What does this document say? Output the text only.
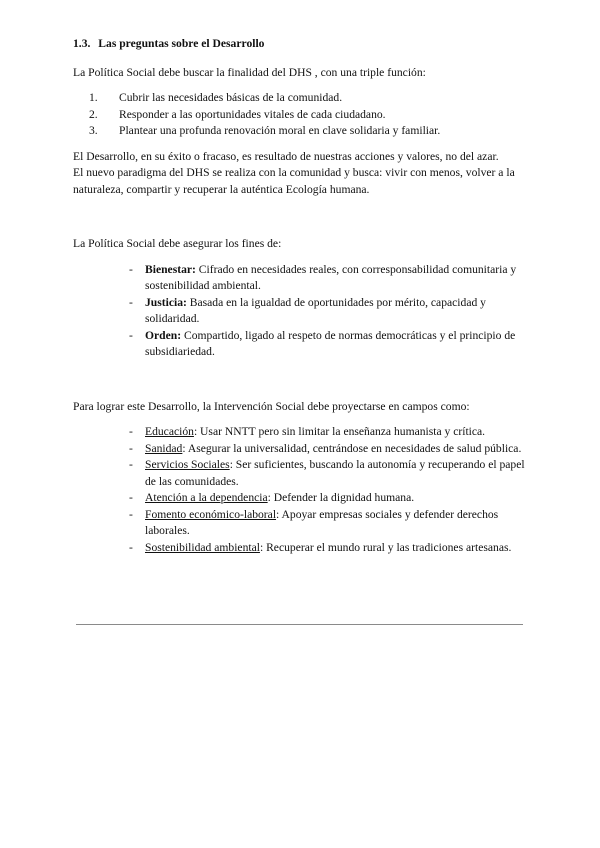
1.3. Las preguntas sobre el Desarrollo

La Política Social debe buscar la finalidad del DHS , con una triple función:

1. Cubrir las necesidades básicas de la comunidad.
2. Responder a las oportunidades vitales de cada ciudadano.
3. Plantear una profunda renovación moral en clave solidaria y familiar.

El Desarrollo, en su éxito o fracaso, es resultado de nuestras acciones y valores, no del azar.

El nuevo paradigma del DHS se realiza con la comunidad y busca: vivir con menos, volver a la naturaleza, compartir y recuperar la auténtica Ecología humana.

La Política Social debe asegurar los fines de:

- Bienestar: Cifrado en necesidades reales, con corresponsabilidad comunitaria y sostenibilidad ambiental.
- Justicia: Basada en la igualdad de oportunidades por mérito, capacidad y solidaridad.
- Orden: Compartido, ligado al respeto de normas democráticas y el principio de subsidiariedad.

Para lograr este Desarrollo, la Intervención Social debe proyectarse en campos como:

- Educación: Usar NNTT pero sin limitar la enseñanza humanista y crítica.
- Sanidad: Asegurar la universalidad, centrándose en necesidades de salud pública.
- Servicios Sociales: Ser suficientes, buscando la autonomía y recuperando el papel de las comunidades.
- Atención a la dependencia: Defender la dignidad humana.
- Fomento económico-laboral: Apoyar empresas sociales y defender derechos laborales.
- Sostenibilidad ambiental: Recuperar el mundo rural y las tradiciones artesanas.
